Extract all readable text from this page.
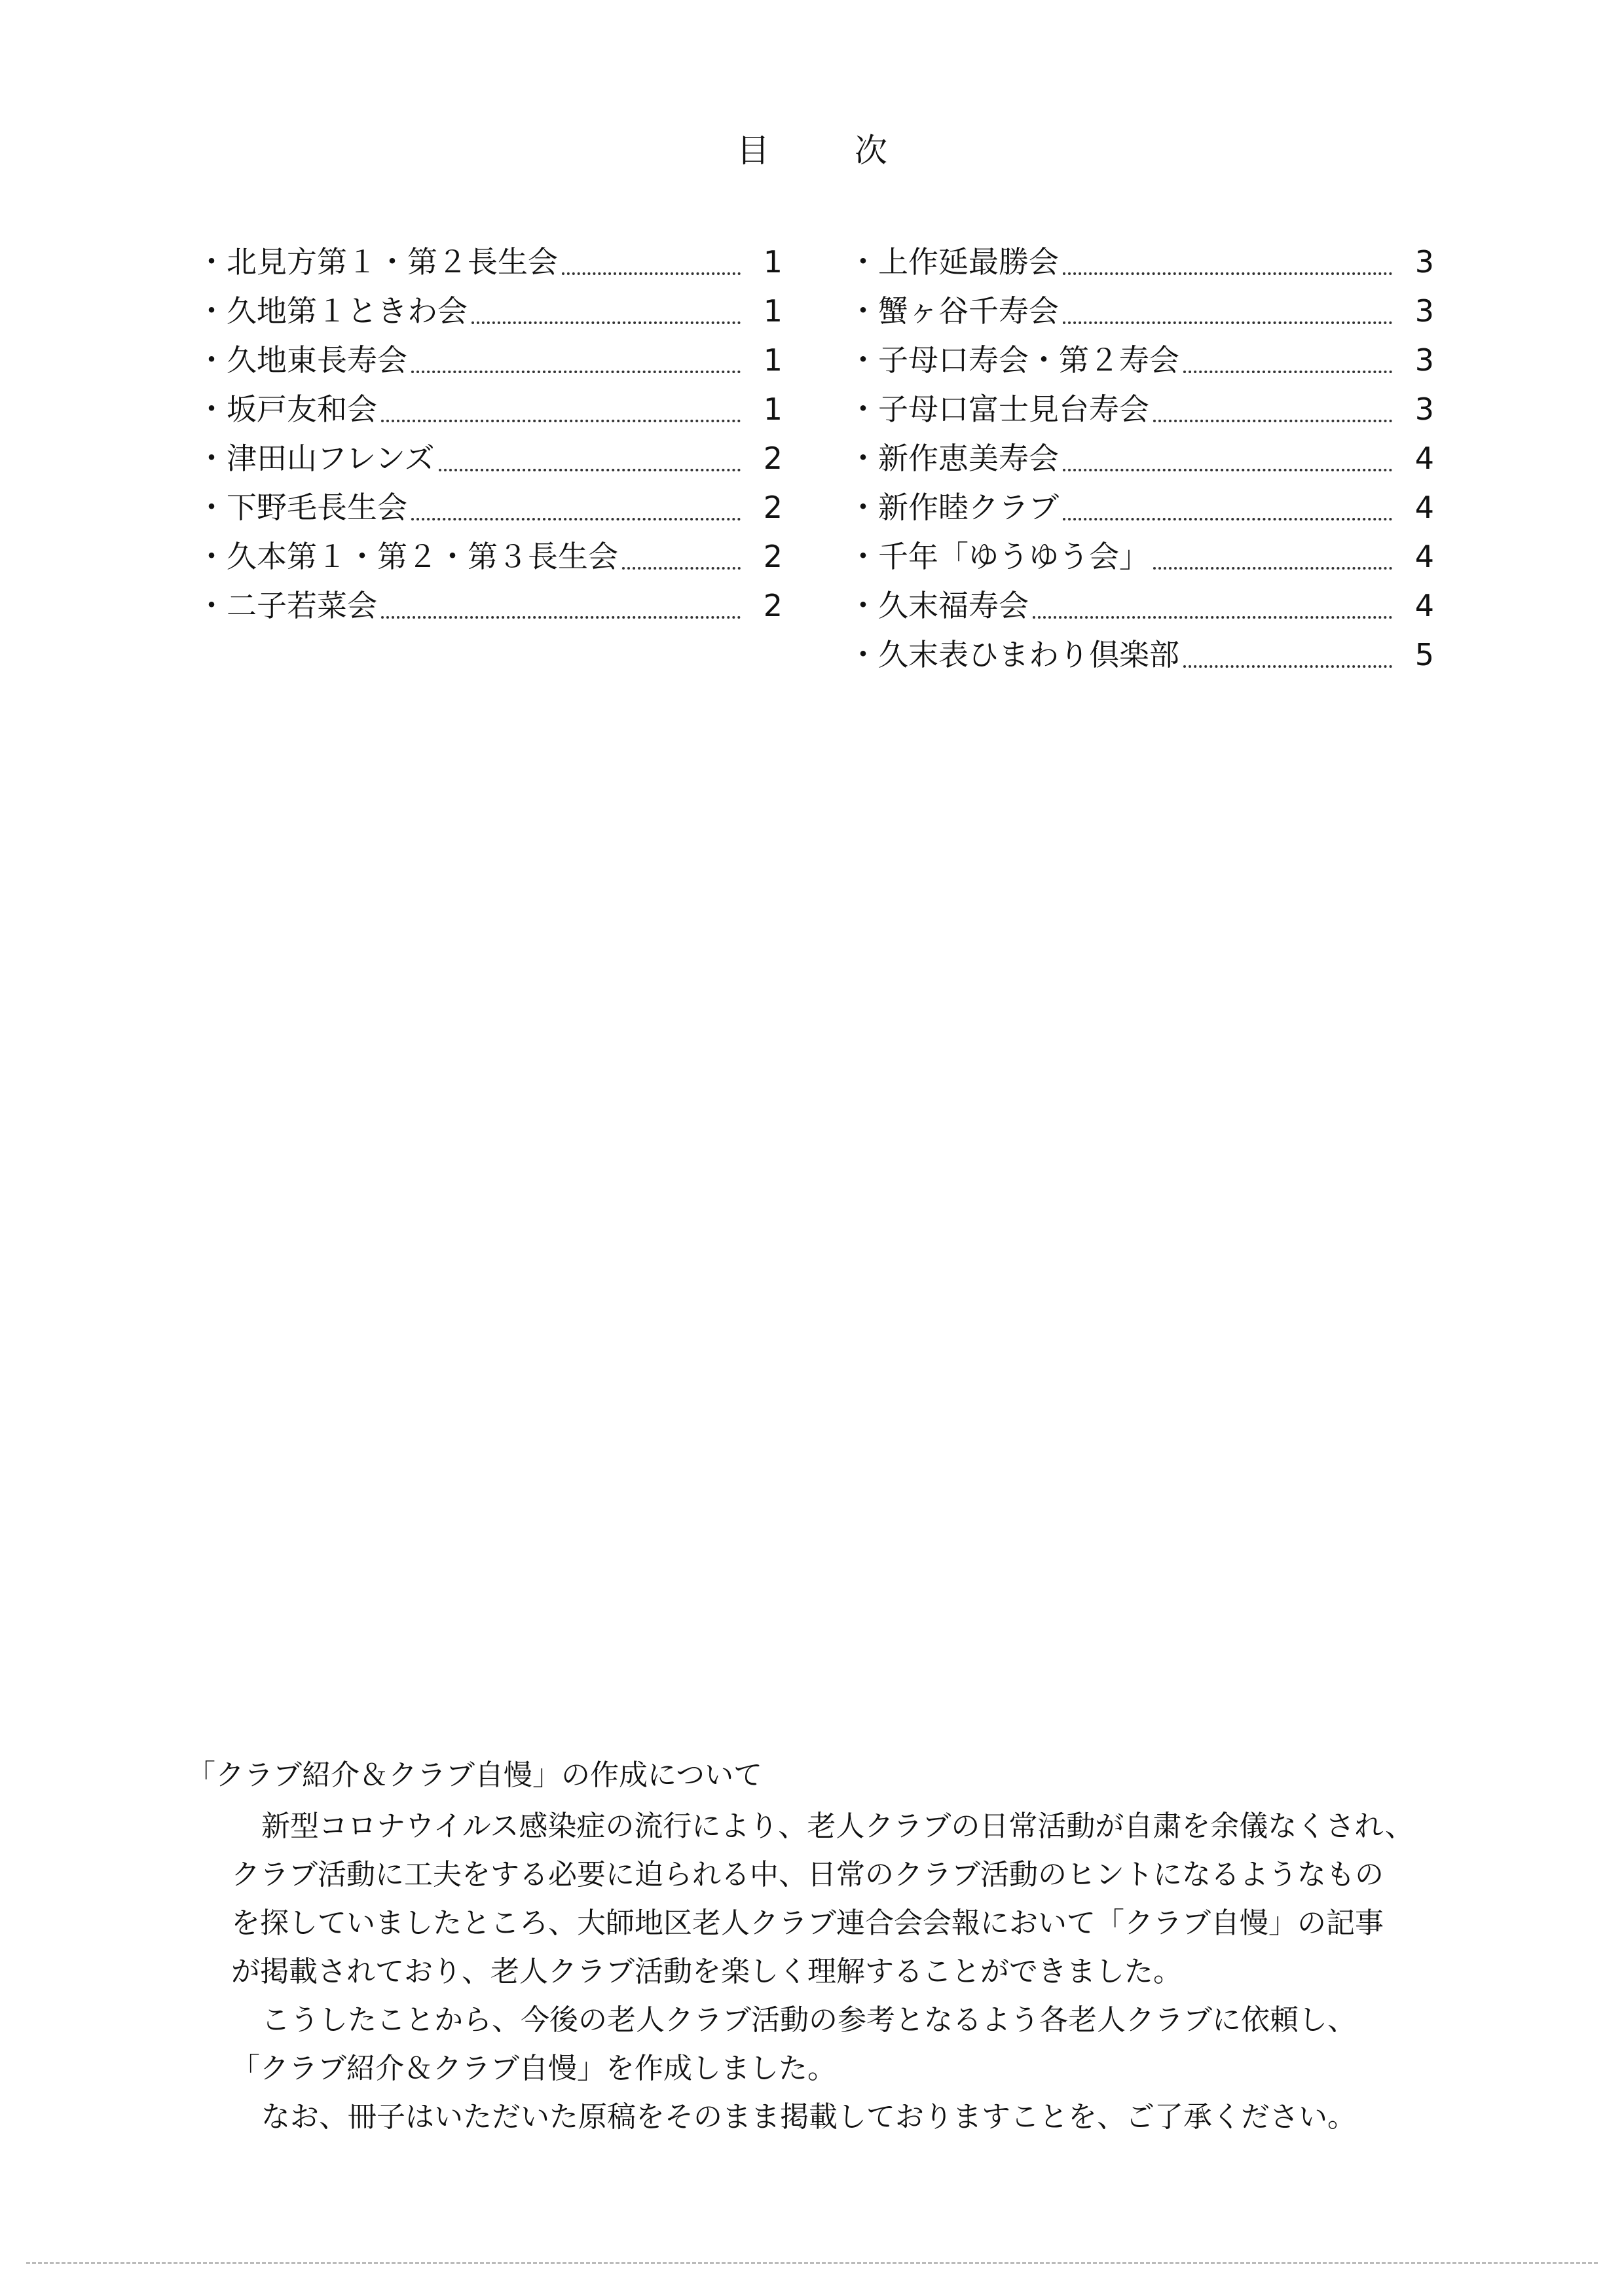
目	次
・北見方第１・第２長生会	1
・久地第１ときわ会	1
・久地東長寿会	1
・坂戸友和会	1
・津田山フレンズ	2
・下野毛長生会	2
・久本第１・第２・第３長生会	2
・二子若菜会	2
・上作延最勝会	3
・蟹ヶ谷千寿会	3
・子母口寿会・第２寿会	3
・子母口富士見台寿会	3
・新作恵美寿会	4
・新作睦クラブ	4
・千年「ゆうゆう会」	4
・久末福寿会	4
・久末表ひまわり倶楽部	5
「クラブ紹介＆クラブ自慢」の作成について

新型コロナウイルス感染症の流行により、老人クラブの日常活動が自粛を余儀なくされ、
クラブ活動に工夫をする必要に迫られる中、日常のクラブ活動のヒントになるようなもの
を探していましたところ、大師地区老人クラブ連合会会報において「クラブ自慢」の記事
が掲載されており、老人クラブ活動を楽しく理解することができました。
こうしたことから、今後の老人クラブ活動の参考となるよう各老人クラブに依頼し、
「クラブ紹介＆クラブ自慢」を作成しました。
なお、冊子はいただいた原稿をそのまま掲載しておりますことを、ご了承ください。
